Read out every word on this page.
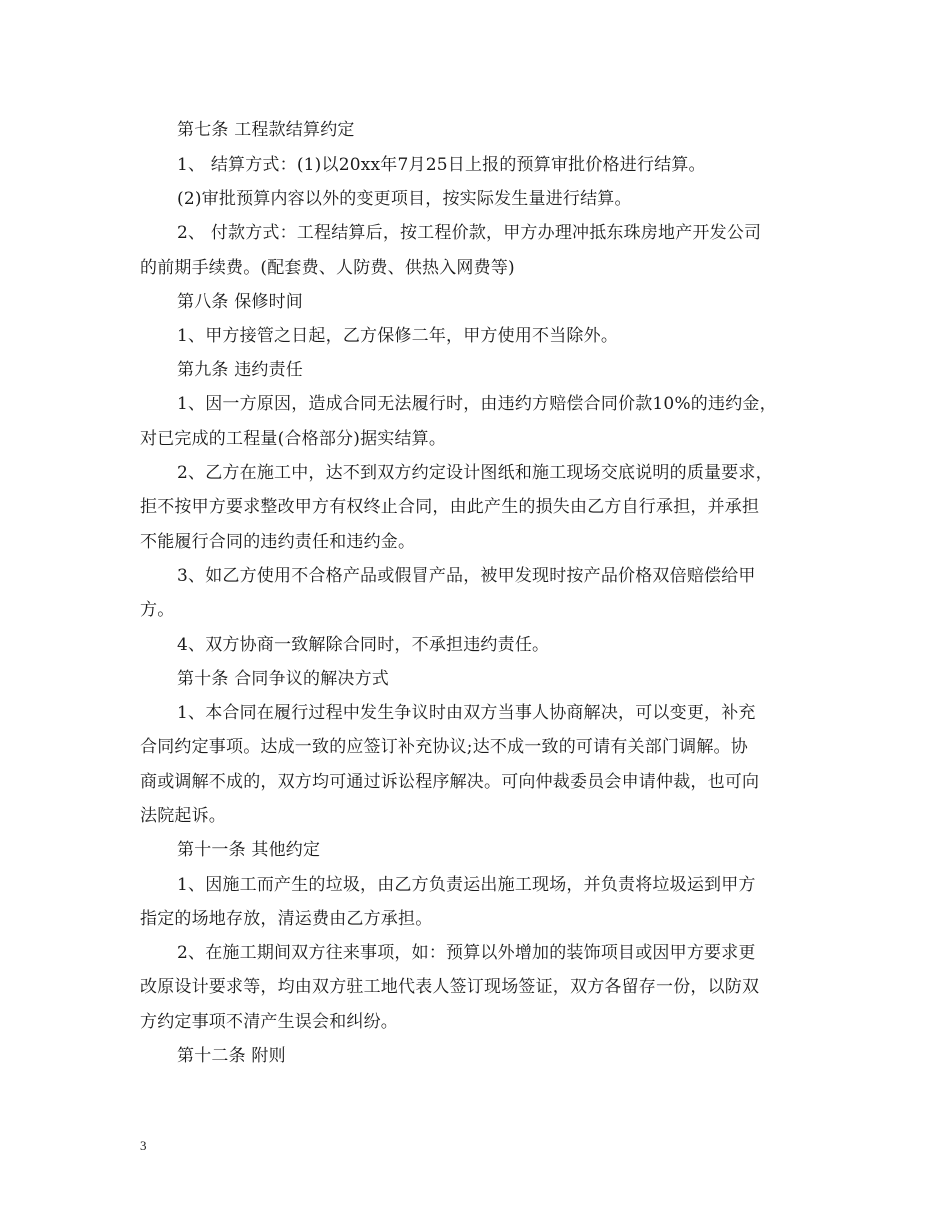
第七条 工程款结算约定
1、 结算方式：(1)以20xx年7月25日上报的预算审批价格进行结算。
(2)审批预算内容以外的变更项目，按实际发生量进行结算。
2、 付款方式：工程结算后，按工程价款，甲方办理冲抵东珠房地产开发公司
的前期手续费。(配套费、人防费、供热入网费等)
第八条 保修时间
1、甲方接管之日起，乙方保修二年，甲方使用不当除外。
第九条 违约责任
1、因一方原因，造成合同无法履行时，由违约方赔偿合同价款10%的违约金，
对已完成的工程量(合格部分)据实结算。
2、乙方在施工中，达不到双方约定设计图纸和施工现场交底说明的质量要求，
拒不按甲方要求整改甲方有权终止合同，由此产生的损失由乙方自行承担，并承担
不能履行合同的违约责任和违约金。
3、如乙方使用不合格产品或假冒产品，被甲发现时按产品价格双倍赔偿给甲
方。
4、双方协商一致解除合同时，不承担违约责任。
第十条 合同争议的解决方式
1、本合同在履行过程中发生争议时由双方当事人协商解决，可以变更，补充
合同约定事项。达成一致的应签订补充协议;达不成一致的可请有关部门调解。协
商或调解不成的，双方均可通过诉讼程序解决。可向仲裁委员会申请仲裁，也可向
法院起诉。
第十一条 其他约定
1、因施工而产生的垃圾，由乙方负责运出施工现场，并负责将垃圾运到甲方
指定的场地存放，清运费由乙方承担。
2、在施工期间双方往来事项，如：预算以外增加的装饰项目或因甲方要求更
改原设计要求等，均由双方驻工地代表人签订现场签证，双方各留存一份，以防双
方约定事项不清产生误会和纠纷。
第十二条 附则
3
